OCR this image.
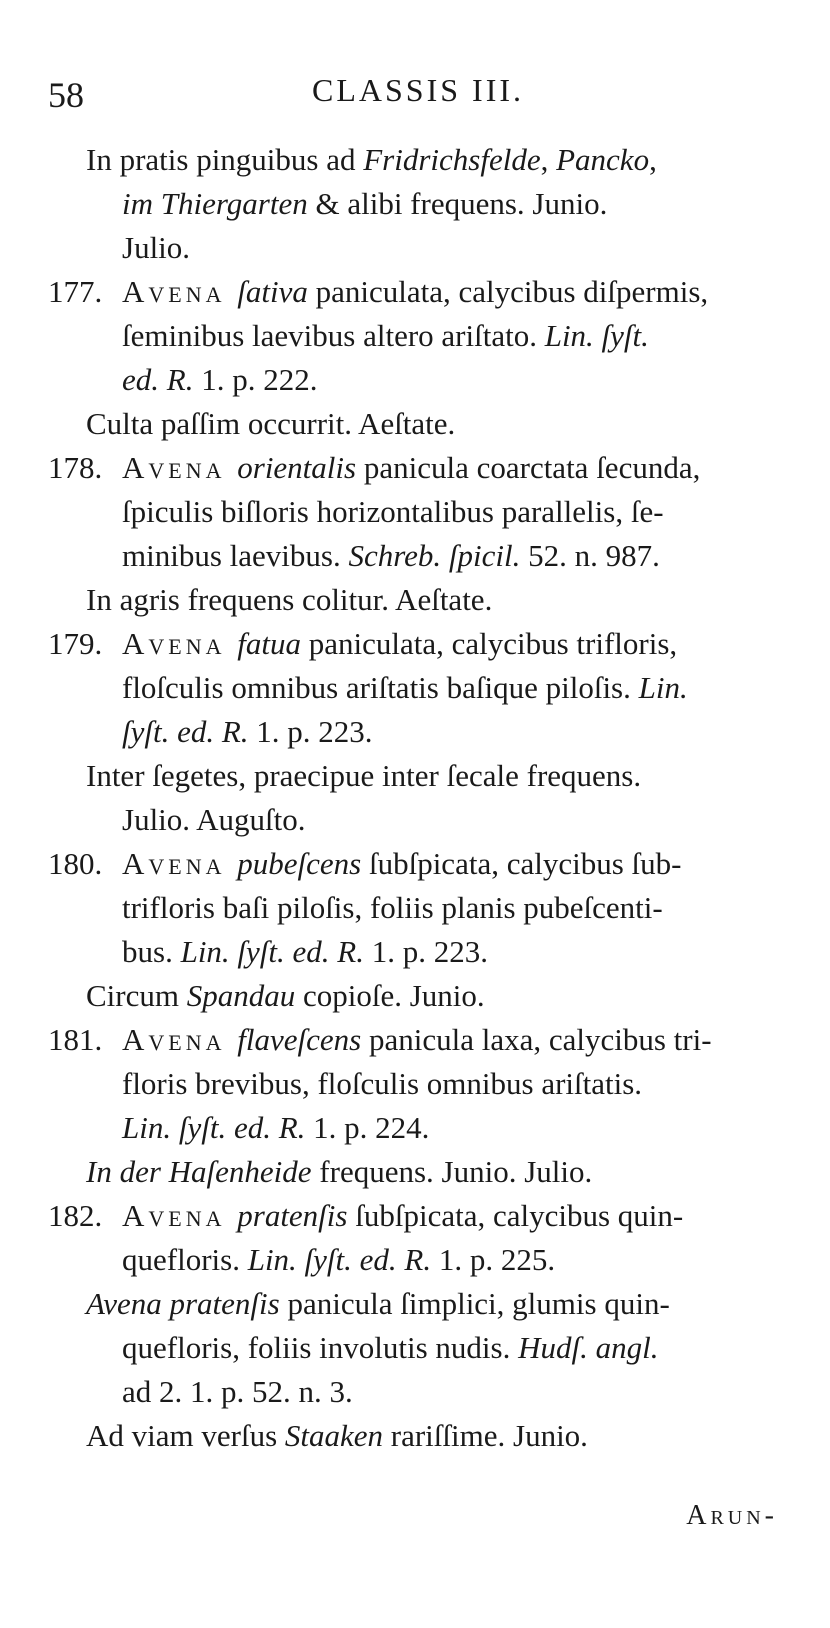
58	CLASSIS III.
In pratis pinguibus ad Fridrichsfelde, Pancko,
im Thiergarten & alibi frequens. Junio.
Julio.
177. Avena ſativa paniculata, calycibus diſpermis,
ſeminibus laevibus altero ariſtato. Lin. ſyſt.
ed. R. 1. p. 222.
Culta paſſim occurrit. Aeſtate.
178. Avena orientalis panicula coarctata ſecunda,
ſpiculis biſloris horizontalibus parallelis, ſe-
minibus laevibus. Schreb. ſpicil. 52. n. 987.
In agris frequens colitur. Aeſtate.
179. Avena fatua paniculata, calycibus trifloris,
floſculis omnibus ariſtatis baſique piloſis. Lin.
ſyſt. ed. R. 1. p. 223.
Inter ſegetes, praecipue inter ſecale frequens.
Julio. Auguſto.
180. Avena pubeſcens ſubſpicata, calycibus ſub-
trifloris baſi piloſis, foliis planis pubeſcenti-
bus. Lin. ſyſt. ed. R. 1. p. 223.
Circum Spandau copioſe. Junio.
181. Avena flaveſcens panicula laxa, calycibus tri-
floris brevibus, floſculis omnibus ariſtatis.
Lin. ſyſt. ed. R. 1. p. 224.
In der Haſenheide frequens. Junio. Julio.
182. Avena pratenſis ſubſpicata, calycibus quin-
quefloris. Lin. ſyſt. ed. R. 1. p. 225.
Avena pratenſis panicula ſimplici, glumis quin-
quefloris, foliis involutis nudis. Hudſ. angl.
ad 2. 1. p. 52. n. 3.
Ad viam verſus Staaken rariſſime. Junio.
Arun-
